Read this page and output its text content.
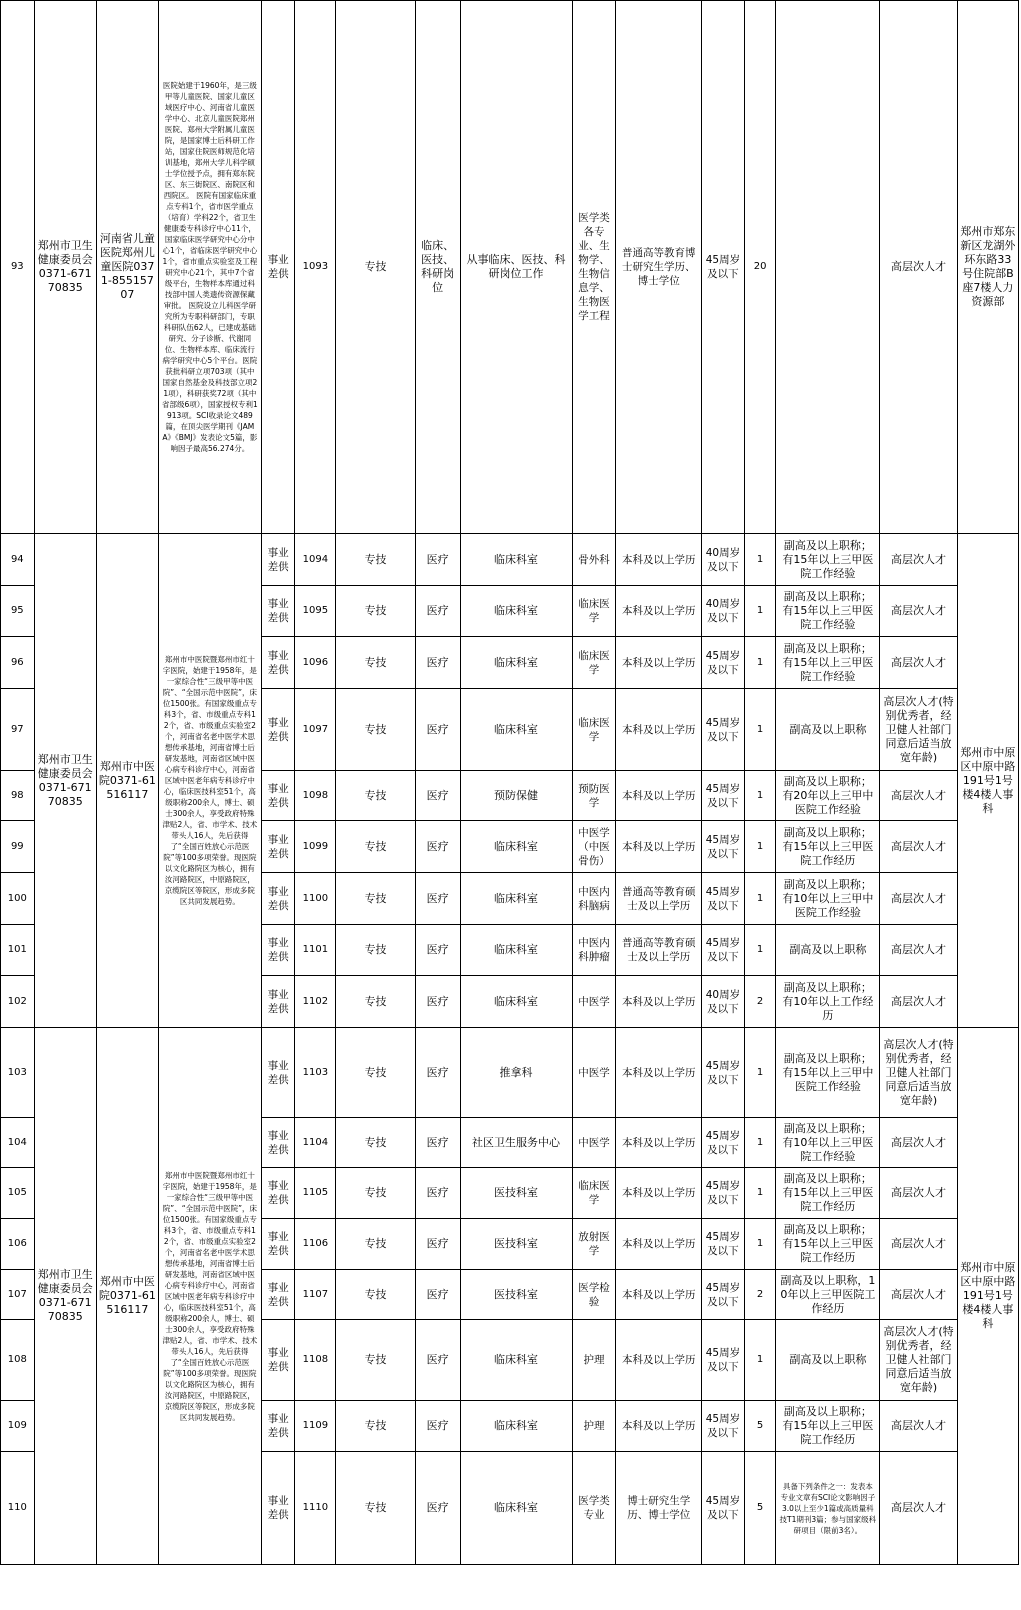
93	郑州市卫生健康委员会0371-67170835	河南省儿童医院郑州儿童医院0371-85515707	医院始建于1960年，是三级甲等儿童医院、国家儿童区域医疗中心、河南省儿童医学中心、北京儿童医院郑州医院、郑州大学附属儿童医院，是国家博士后科研工作站，国家住院医师规范化培训基地，郑州大学儿科学硕士学位授予点，拥有郑东院区、东三街院区、南院区和西院区。 医院有国家临床重点专科1个，省市医学重点（培育）学科22个，省卫生健康委专科诊疗中心11个，国家临床医学研究中心分中心1个，省临床医学研究中心1个，省市重点实验室及工程研究中心21个，其中7个省级平台，生物样本库通过科技部中国人类遗传资源保藏审批。 医院设立儿科医学研究所为专职科研部门，专职科研队伍62人，已建成基础研究、分子诊断、代谢同位、生物样本库、临床流行病学研究中心5个平台。医院获批科研立项703项（其中国家自然基金及科技部立项21项），科研获奖72项（其中省部级6项），国家授权专利1913项。SCI收录论文489篇，在顶尖医学期刊《JAMA》《BMJ》发表论文5篇，影响因子最高56.274分。	事业差供	1093	专技	临床、医技、科研岗位	从事临床、医技、科研岗位工作	医学类各专业、生物学、生物信息学、生物医学工程	普通高等教育博士研究生学历、博士学位	45周岁及以下	20		高层次人才	郑州市郑东新区龙湖外环东路33号住院部B座7楼人力资源部
94	郑州市卫生健康委员会0371-67170835	郑州市中医院0371-61516117	郑州市中医院暨郑州市红十字医院，始建于1958年，是一家综合性“三级甲等中医院”、“全国示范中医院”，床位1500张。有国家级重点专科3个，省、市级重点专科12个，省、市级重点实验室2个，河南省名老中医学术思想传承基地，河南省博士后研发基地，河南省区域中医心病专科诊疗中心，河南省区域中医老年病专科诊疗中心，临床医技科室51个，高级职称200余人，博士、硕士300余人，享受政府特殊津贴2人，省、市学术、技术带头人16人，先后获得了“全国百姓放心示范医院”等100多项荣誉。现医院以文化路院区为核心，拥有汝河路院区，中原路院区，京缆院区等院区，形成多院区共同发展趋势。	事业差供	1094	专技	医疗	临床科室	骨外科	本科及以上学历	40周岁及以下	1	副高及以上职称；有15年以上三甲医院工作经验	高层次人才	郑州市中原区中原中路191号1号楼4楼人事科
95				事业差供	1095	专技	医疗	临床科室	临床医学	本科及以上学历	40周岁及以下	1	副高及以上职称；有15年以上三甲医院工作经验	高层次人才	
96				事业差供	1096	专技	医疗	临床科室	临床医学	本科及以上学历	45周岁及以下	1	副高及以上职称；有15年以上三甲医院工作经验	高层次人才	
97				事业差供	1097	专技	医疗	临床科室	临床医学	本科及以上学历	45周岁及以下	1	副高及以上职称	高层次人才(特别优秀者，经卫健人社部门同意后适当放宽年龄)	
98				事业差供	1098	专技	医疗	预防保健	预防医学	本科及以上学历	45周岁及以下	1	副高及以上职称；有20年以上三甲中医院工作经验	高层次人才	
99				事业差供	1099	专技	医疗	临床科室	中医学（中医骨伤）	本科及以上学历	45周岁及以下	1	副高及以上职称；有15年以上三甲医院工作经历	高层次人才	
100				事业差供	1100	专技	医疗	临床科室	中医内科脑病	普通高等教育硕士及以上学历	45周岁及以下	1	副高及以上职称；有10年以上三甲中医院工作经验	高层次人才	
101				事业差供	1101	专技	医疗	临床科室	中医内科肿瘤	普通高等教育硕士及以上学历	45周岁及以下	1	副高及以上职称	高层次人才	
102				事业差供	1102	专技	医疗	临床科室	中医学	本科及以上学历	40周岁及以下	2	副高及以上职称；有10年以上工作经历	高层次人才	
103	郑州市卫生健康委员会0371-67170835	郑州市中医院0371-61516117	郑州市中医院暨郑州市红十字医院，始建于1958年，是一家综合性“三级甲等中医院”、“全国示范中医院”，床位1500张。有国家级重点专科3个，省、市级重点专科12个，省、市级重点实验室2个，河南省名老中医学术思想传承基地，河南省博士后研发基地，河南省区域中医心病专科诊疗中心，河南省区域中医老年病专科诊疗中心，临床医技科室51个，高级职称200余人，博士、硕士300余人，享受政府特殊津贴2人，省、市学术、技术带头人16人，先后获得了“全国百姓放心示范医院”等100多项荣誉。现医院以文化路院区为核心，拥有汝河路院区，中原路院区，京缆院区等院区，形成多院区共同发展趋势。	事业差供	1103	专技	医疗	推拿科	中医学	本科及以上学历	45周岁及以下	1	副高及以上职称；有15年以上三甲中医院工作经验	高层次人才(特别优秀者，经卫健人社部门同意后适当放宽年龄)	郑州市中原区中原中路191号1号楼4楼人事科
104				事业差供	1104	专技	医疗	社区卫生服务中心	中医学	本科及以上学历	45周岁及以下	1	副高及以上职称；有10年以上三甲医院工作经验	高层次人才	
105				事业差供	1105	专技	医疗	医技科室	临床医学	本科及以上学历	45周岁及以下	1	副高及以上职称；有15年以上三甲医院工作经历	高层次人才	
106				事业差供	1106	专技	医疗	医技科室	放射医学	本科及以上学历	45周岁及以下	1	副高及以上职称；有15年以上三甲医院工作经历	高层次人才	
107				事业差供	1107	专技	医疗	医技科室	医学检验	本科及以上学历	45周岁及以下	2	副高及以上职称，10年以上三甲医院工作经历	高层次人才	
108				事业差供	1108	专技	医疗	临床科室	护理	本科及以上学历	45周岁及以下	1	副高及以上职称	高层次人才(特别优秀者，经卫健人社部门同意后适当放宽年龄)	
109				事业差供	1109	专技	医疗	临床科室	护理	本科及以上学历	45周岁及以下	5	副高及以上职称；有15年以上三甲医院工作经历	高层次人才	
110				事业差供	1110	专技	医疗	临床科室	医学类专业	博士研究生学历、博士学位	45周岁及以下	5	具备下列条件之一：发表本专业文章有SCI论文影响因子3.0以上至少1篇或高质量科技T1期刊3篇；参与国家级科研项目（限前3名）。	高层次人才	
